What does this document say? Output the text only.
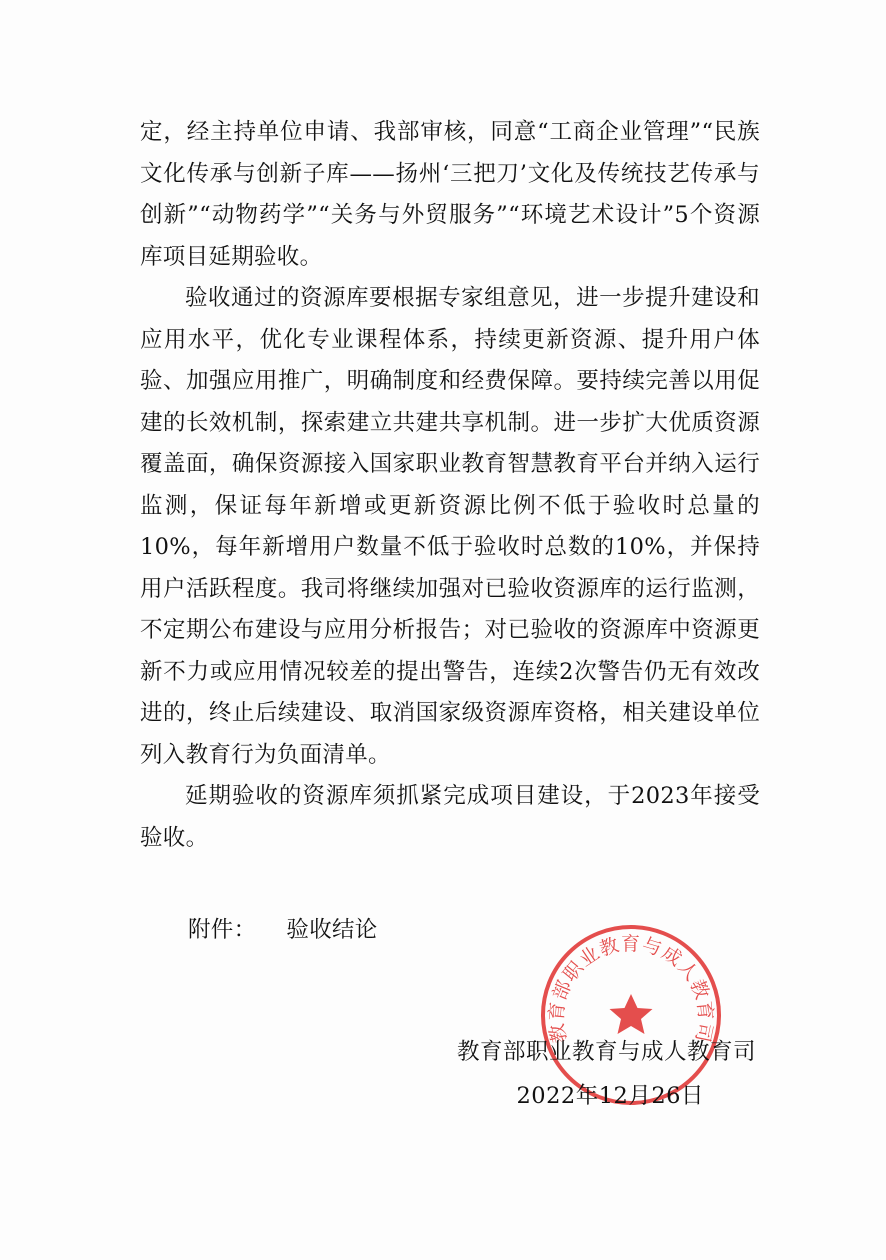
定，经主持单位申请、我部审核，同意“工商企业管理”“民族文化传承与创新子库——扬州‘三把刀’文化及传统技艺传承与创新”“动物药学”“关务与外贸服务”“环境艺术设计”5个资源库项目延期验收。

验收通过的资源库要根据专家组意见，进一步提升建设和应用水平，优化专业课程体系，持续更新资源、提升用户体验、加强应用推广，明确制度和经费保障。要持续完善以用促建的长效机制，探索建立共建共享机制。进一步扩大优质资源覆盖面，确保资源接入国家职业教育智慧教育平台并纳入运行监测，保证每年新增或更新资源比例不低于验收时总量的10%，每年新增用户数量不低于验收时总数的10%，并保持用户活跃程度。我司将继续加强对已验收资源库的运行监测，不定期公布建设与应用分析报告；对已验收的资源库中资源更新不力或应用情况较差的提出警告，连续2次警告仍无有效改进的，终止后续建设、取消国家级资源库资格，相关建设单位列入教育行为负面清单。

延期验收的资源库须抓紧完成项目建设，于2023年接受验收。

附件： 验收结论
教育部职业教育与成人教育司
教育部职业教育与成人教育司
2022年12月26日
